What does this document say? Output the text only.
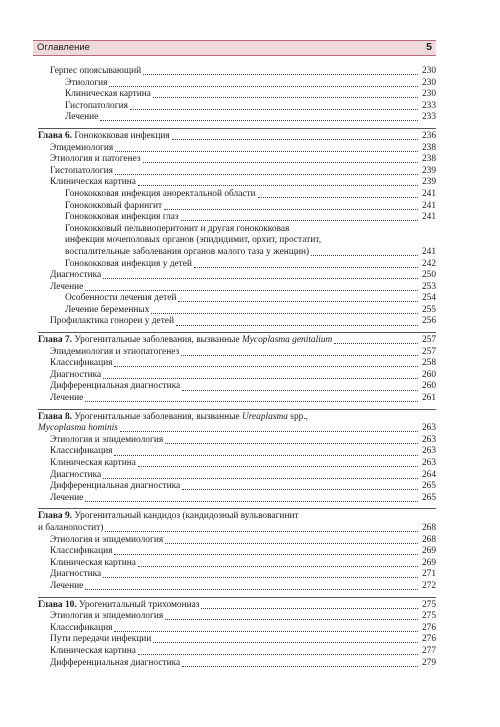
Оглавление	5
Герпес опоясывающий	230
Этиология	230
Клиническая картина	230
Гистопатология	233
Лечение	233
Глава 6. Гонококковая инфекция	236
Эпидемиология	238
Этиология и патогенез	238
Гистопатология	239
Клиническая картина	239
Гонококковая инфекция аноректальной области	241
Гонококковый фарингит	241
Гонококковая инфекция глаз	241
Гонококковый пельвиоперитонит и другая гонококковая
инфекция мочеполовых органов (эпидидимит, орхит, простатит,
воспалительные заболевания органов малого таза у женщин)	241
Гонококковая инфекция у детей	242
Диагностика	250
Лечение	253
Особенности лечения детей	254
Лечение беременных	255
Профилактика гонореи у детей	256
Глава 7. Урогенитальные заболевания, вызванные Mycoplasma genitalium	257
Эпидемиология и этиопатогенез	257
Классификация	258
Диагностика	260
Дифференциальная диагностика	260
Лечение	261
Глава 8. Урогенитальные заболевания, вызванные Ureaplasma spp.,
Mycoplasma hominis	263
Этиология и эпидемиология	263
Классификация	263
Клиническая картина	263
Диагностика	264
Дифференциальная диагностика	265
Лечение	265
Глава 9. Урогенитальный кандидоз (кандидозный вульвовагинит
и баланопостит)	268
Этиология и эпидемиология	268
Классификация	269
Клиническая картина	269
Диагностика	271
Лечение	272
Глава 10. Урогенитальный трихомониаз	275
Этиология и эпидемиология	275
Классификация	276
Пути передачи инфекции	276
Клиническая картина	277
Дифференциальная диагностика	279
